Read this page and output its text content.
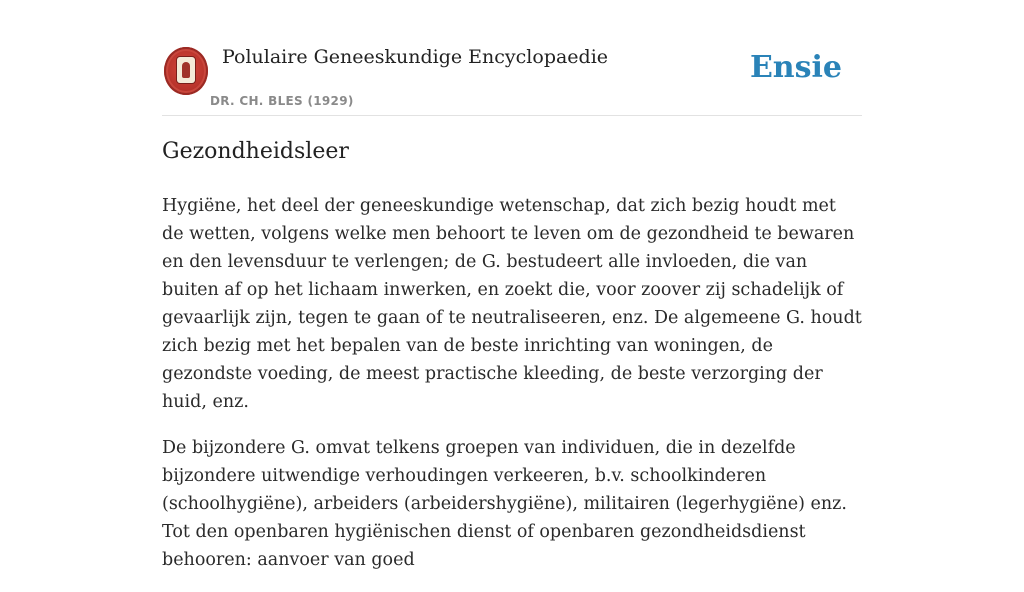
Polulaire Geneeskundige Encyclopaedie
DR. CH. BLES (1929)
Ensie
Gezondheidsleer

Hygiëne, het deel der geneeskundige wetenschap, dat zich bezig houdt met de wetten, volgens welke men behoort te leven om de gezondheid te bewaren en den levensduur te verlengen; de G. bestudeert alle invloeden, die van buiten af op het lichaam inwerken, en zoekt die, voor zoover zij schadelijk of gevaarlijk zijn, tegen te gaan of te neutraliseeren, enz. De algemeene G. houdt zich bezig met het bepalen van de beste inrichting van woningen, de gezondste voeding, de meest practische kleeding, de beste verzorging der huid, enz.

De bijzondere G. omvat telkens groepen van individuen, die in dezelfde bijzondere uitwendige verhoudingen verkeeren, b.v. schoolkinderen (schoolhygiëne), arbeiders (arbeidershygiëne), militairen (legerhygiëne) enz. Tot den openbaren hygiënischen dienst of openbaren gezondheidsdienst behooren: aanvoer van goed
